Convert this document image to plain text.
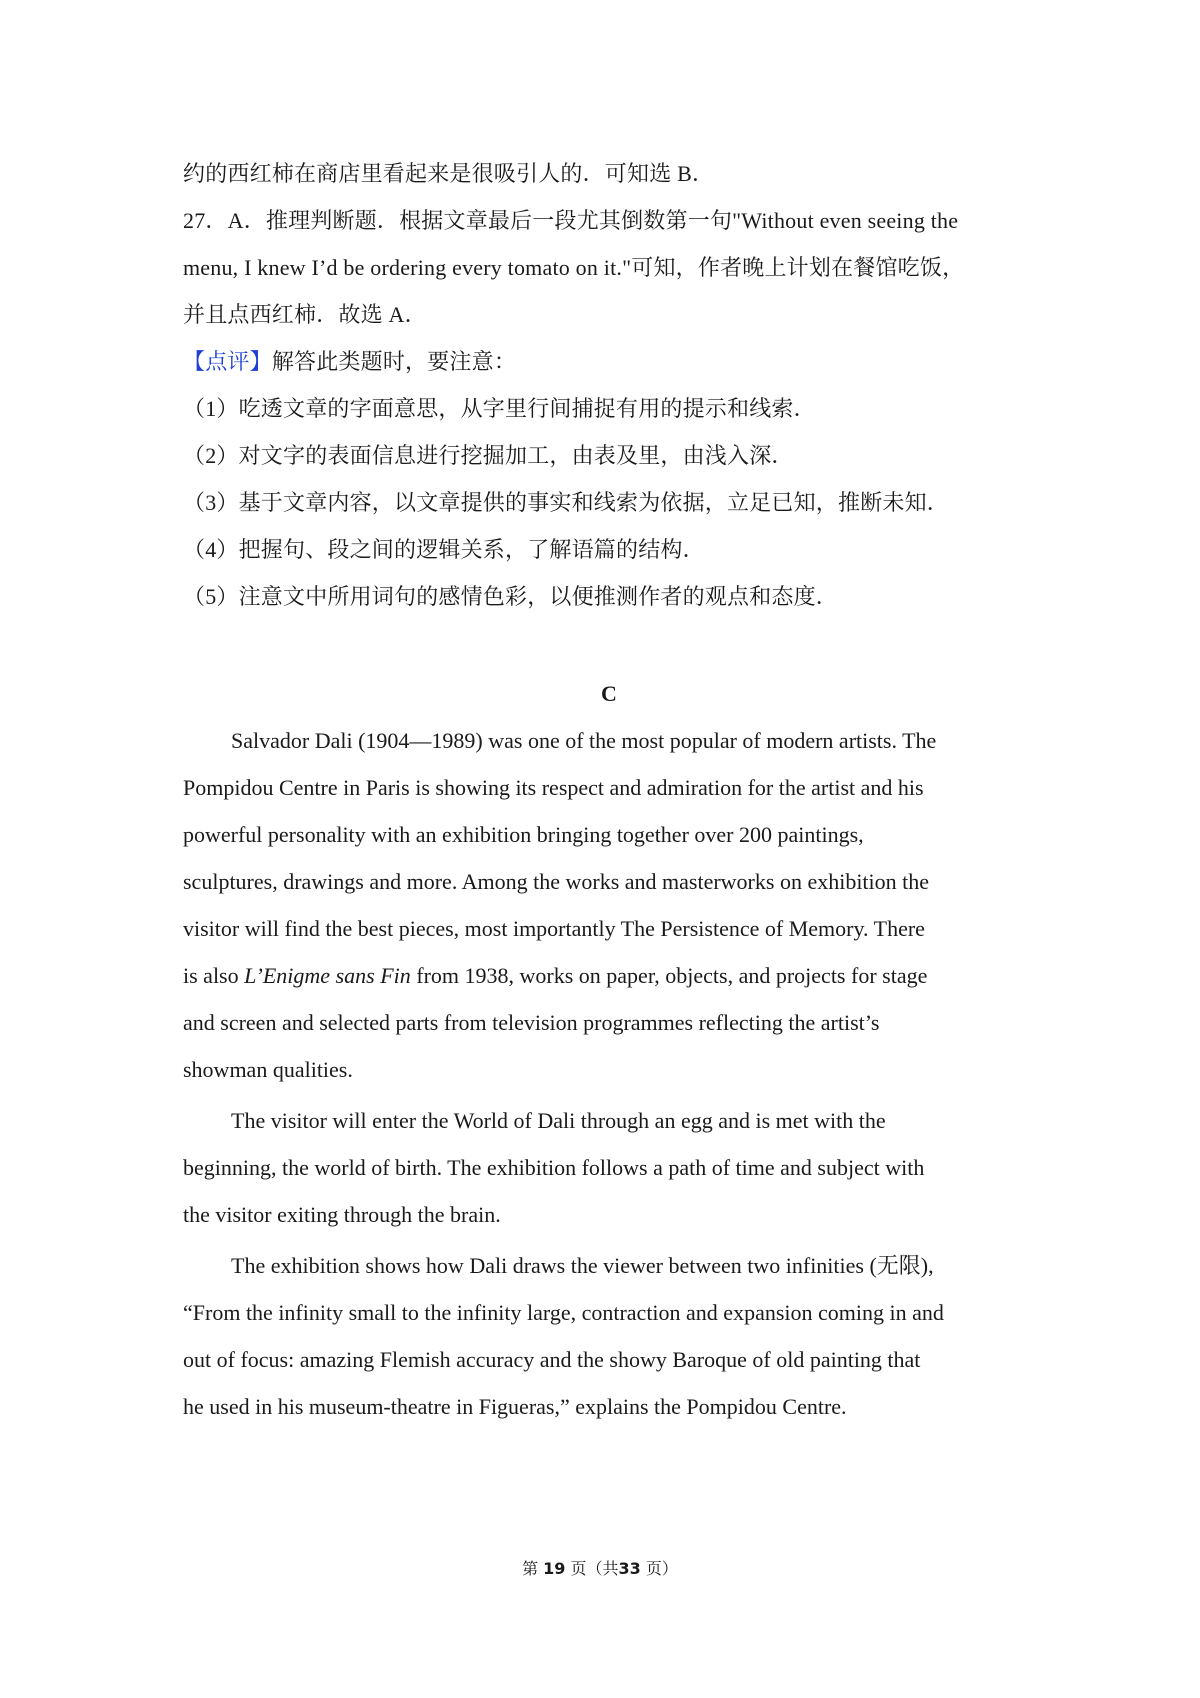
约的西红柿在商店里看起来是很吸引人的．可知选 B．
27．A．推理判断题．根据文章最后一段尤其倒数第一句"Without even seeing the
menu, I knew I’d be ordering every tomato on it."可知，作者晚上计划在餐馆吃饭，
并且点西红柿．故选 A．
【点评】解答此类题时，要注意：
（1）吃透文章的字面意思，从字里行间捕捉有用的提示和线索．
（2）对文字的表面信息进行挖掘加工，由表及里，由浅入深．
（3）基于文章内容，以文章提供的事实和线索为依据，立足已知，推断未知．
（4）把握句、段之间的逻辑关系，了解语篇的结构．
（5）注意文中所用词句的感情色彩，以便推测作者的观点和态度．
C
Salvador Dali (1904—1989) was one of the most popular of modern artists. The
Pompidou Centre in Paris is showing its respect and admiration for the artist and his
powerful personality with an exhibition bringing together over 200 paintings,
sculptures, drawings and more. Among the works and masterworks on exhibition the
visitor will find the best pieces, most importantly The Persistence of Memory. There
is also L’Enigme sans Fin from 1938, works on paper, objects, and projects for stage
and screen and selected parts from television programmes reflecting the artist’s
showman qualities.
The visitor will enter the World of Dali through an egg and is met with the
beginning, the world of birth. The exhibition follows a path of time and subject with
the visitor exiting through the brain.
The exhibition shows how Dali draws the viewer between two infinities (无限),
“From the infinity small to the infinity large, contraction and expansion coming in and
out of focus: amazing Flemish accuracy and the showy Baroque of old painting that
he used in his museum-theatre in Figueras,” explains the Pompidou Centre.
第 19 页（共33 页）
